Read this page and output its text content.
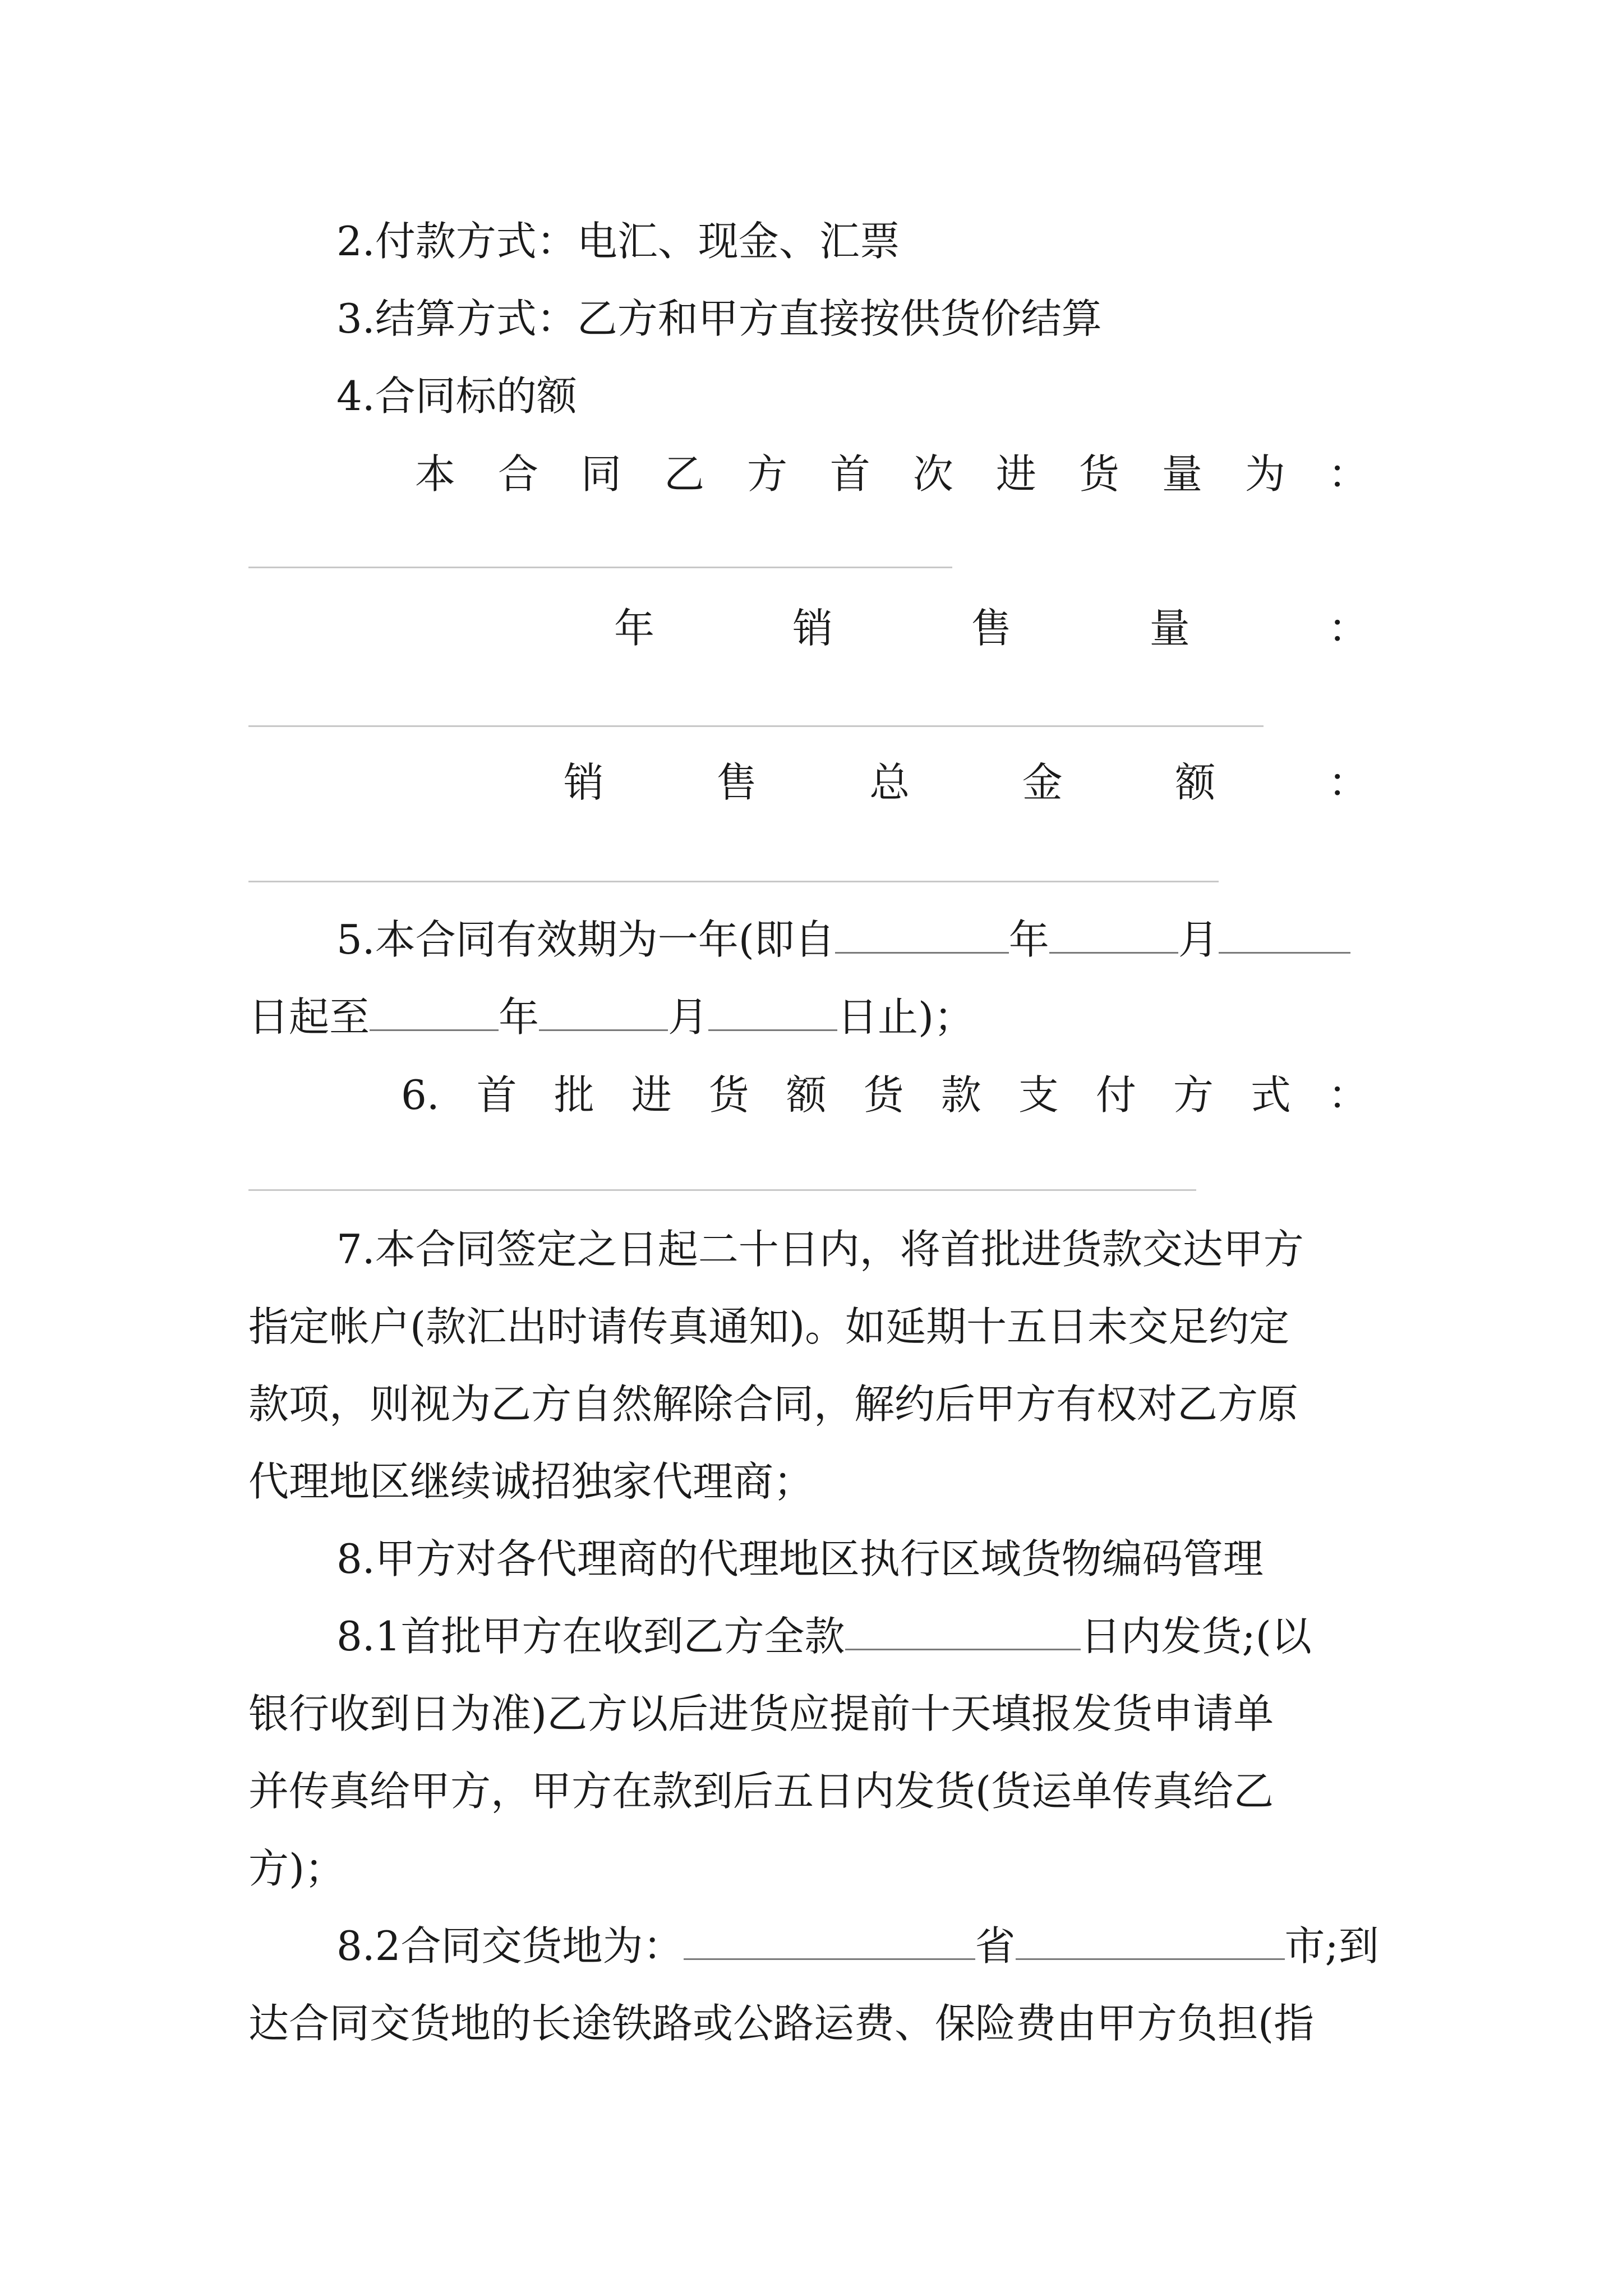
2.付款方式：电汇、现金、汇票
3.结算方式：乙方和甲方直接按供货价结算
4.合同标的额
本 合 同 乙 方 首 次 进 货 量 为 ：
年	销	售	量	：
销	售	总	金	额	：
5.本合同有效期为一年(即自	年	月
日起至	年	月	日止)；
6. 首 批 进 货 额 货 款 支 付 方 式 ：
7.本合同签定之日起二十日内，将首批进货款交达甲方
指定帐户(款汇出时请传真通知)。如延期十五日未交足约定
款项，则视为乙方自然解除合同，解约后甲方有权对乙方原
代理地区继续诚招独家代理商；
8.甲方对各代理商的代理地区执行区域货物编码管理
8.1首批甲方在收到乙方全款	日内发货;(以
银行收到日为准)乙方以后进货应提前十天填报发货申请单
并传真给甲方，甲方在款到后五日内发货(货运单传真给乙
方)；
8.2合同交货地为：	省	市;到
达合同交货地的长途铁路或公路运费、保险费由甲方负担(指
